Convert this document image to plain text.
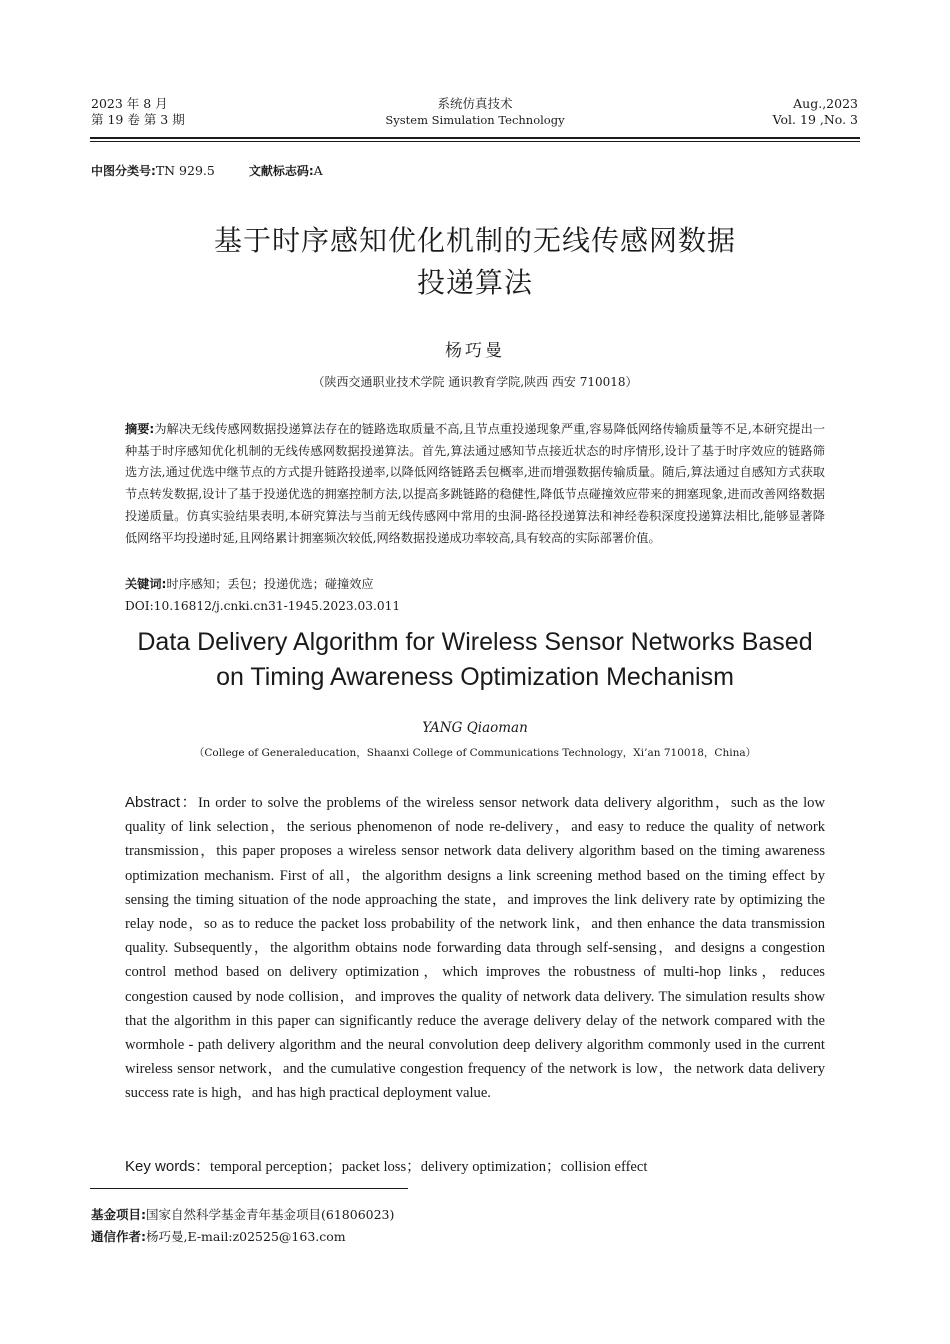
2023 年 8 月
第 19 卷 第 3 期
系统仿真技术
System Simulation Technology
Aug.,2023
Vol. 19 ,No. 3
中图分类号:TN 929.5	文献标志码:A
基于时序感知优化机制的无线传感网数据
投递算法
杨巧曼
（陕西交通职业技术学院 通识教育学院,陕西 西安 710018）
摘要:为解决无线传感网数据投递算法存在的链路选取质量不高,且节点重投递现象严重,容易降低网络传输质量等不足,本研究提出一种基于时序感知优化机制的无线传感网数据投递算法。首先,算法通过感知节点接近状态的时序情形,设计了基于时序效应的链路筛选方法,通过优选中继节点的方式提升链路投递率,以降低网络链路丢包概率,进而增强数据传输质量。随后,算法通过自感知方式获取节点转发数据,设计了基于投递优选的拥塞控制方法,以提高多跳链路的稳健性,降低节点碰撞效应带来的拥塞现象,进而改善网络数据投递质量。仿真实验结果表明,本研究算法与当前无线传感网中常用的虫洞-路径投递算法和神经卷积深度投递算法相比,能够显著降低网络平均投递时延,且网络累计拥塞频次较低,网络数据投递成功率较高,具有较高的实际部署价值。
关键词:时序感知；丢包；投递优选；碰撞效应
DOI:10.16812/j.cnki.cn31-1945.2023.03.011
Data Delivery Algorithm for Wireless Sensor Networks Based
on Timing Awareness Optimization Mechanism
YANG Qiaoman
（College of Generaleducation，Shaanxi College of Communications Technology，Xi’an 710018，China）
Abstract：In order to solve the problems of the wireless sensor network data delivery algorithm，such as the low quality of link selection，the serious phenomenon of node re-delivery，and easy to reduce the quality of network transmission，this paper proposes a wireless sensor network data delivery algorithm based on the timing awareness optimization mechanism. First of all，the algorithm designs a link screening method based on the timing effect by sensing the timing situation of the node approaching the state，and improves the link delivery rate by optimizing the relay node，so as to reduce the packet loss probability of the network link，and then enhance the data transmission quality. Subsequently，the algorithm obtains node forwarding data through self-sensing，and designs a congestion control method based on delivery optimization，which improves the robustness of multi-hop links，reduces congestion caused by node collision，and improves the quality of network data delivery. The simulation results show that the algorithm in this paper can significantly reduce the average delivery delay of the network compared with the wormhole - path delivery algorithm and the neural convolution deep delivery algorithm commonly used in the current wireless sensor network，and the cumulative congestion frequency of the network is low，the network data delivery success rate is high，and has high practical deployment value.
Key words：temporal perception；packet loss；delivery optimization；collision effect
基金项目:国家自然科学基金青年基金项目(61806023)
通信作者:杨巧曼,E-mail:z02525@163.com
